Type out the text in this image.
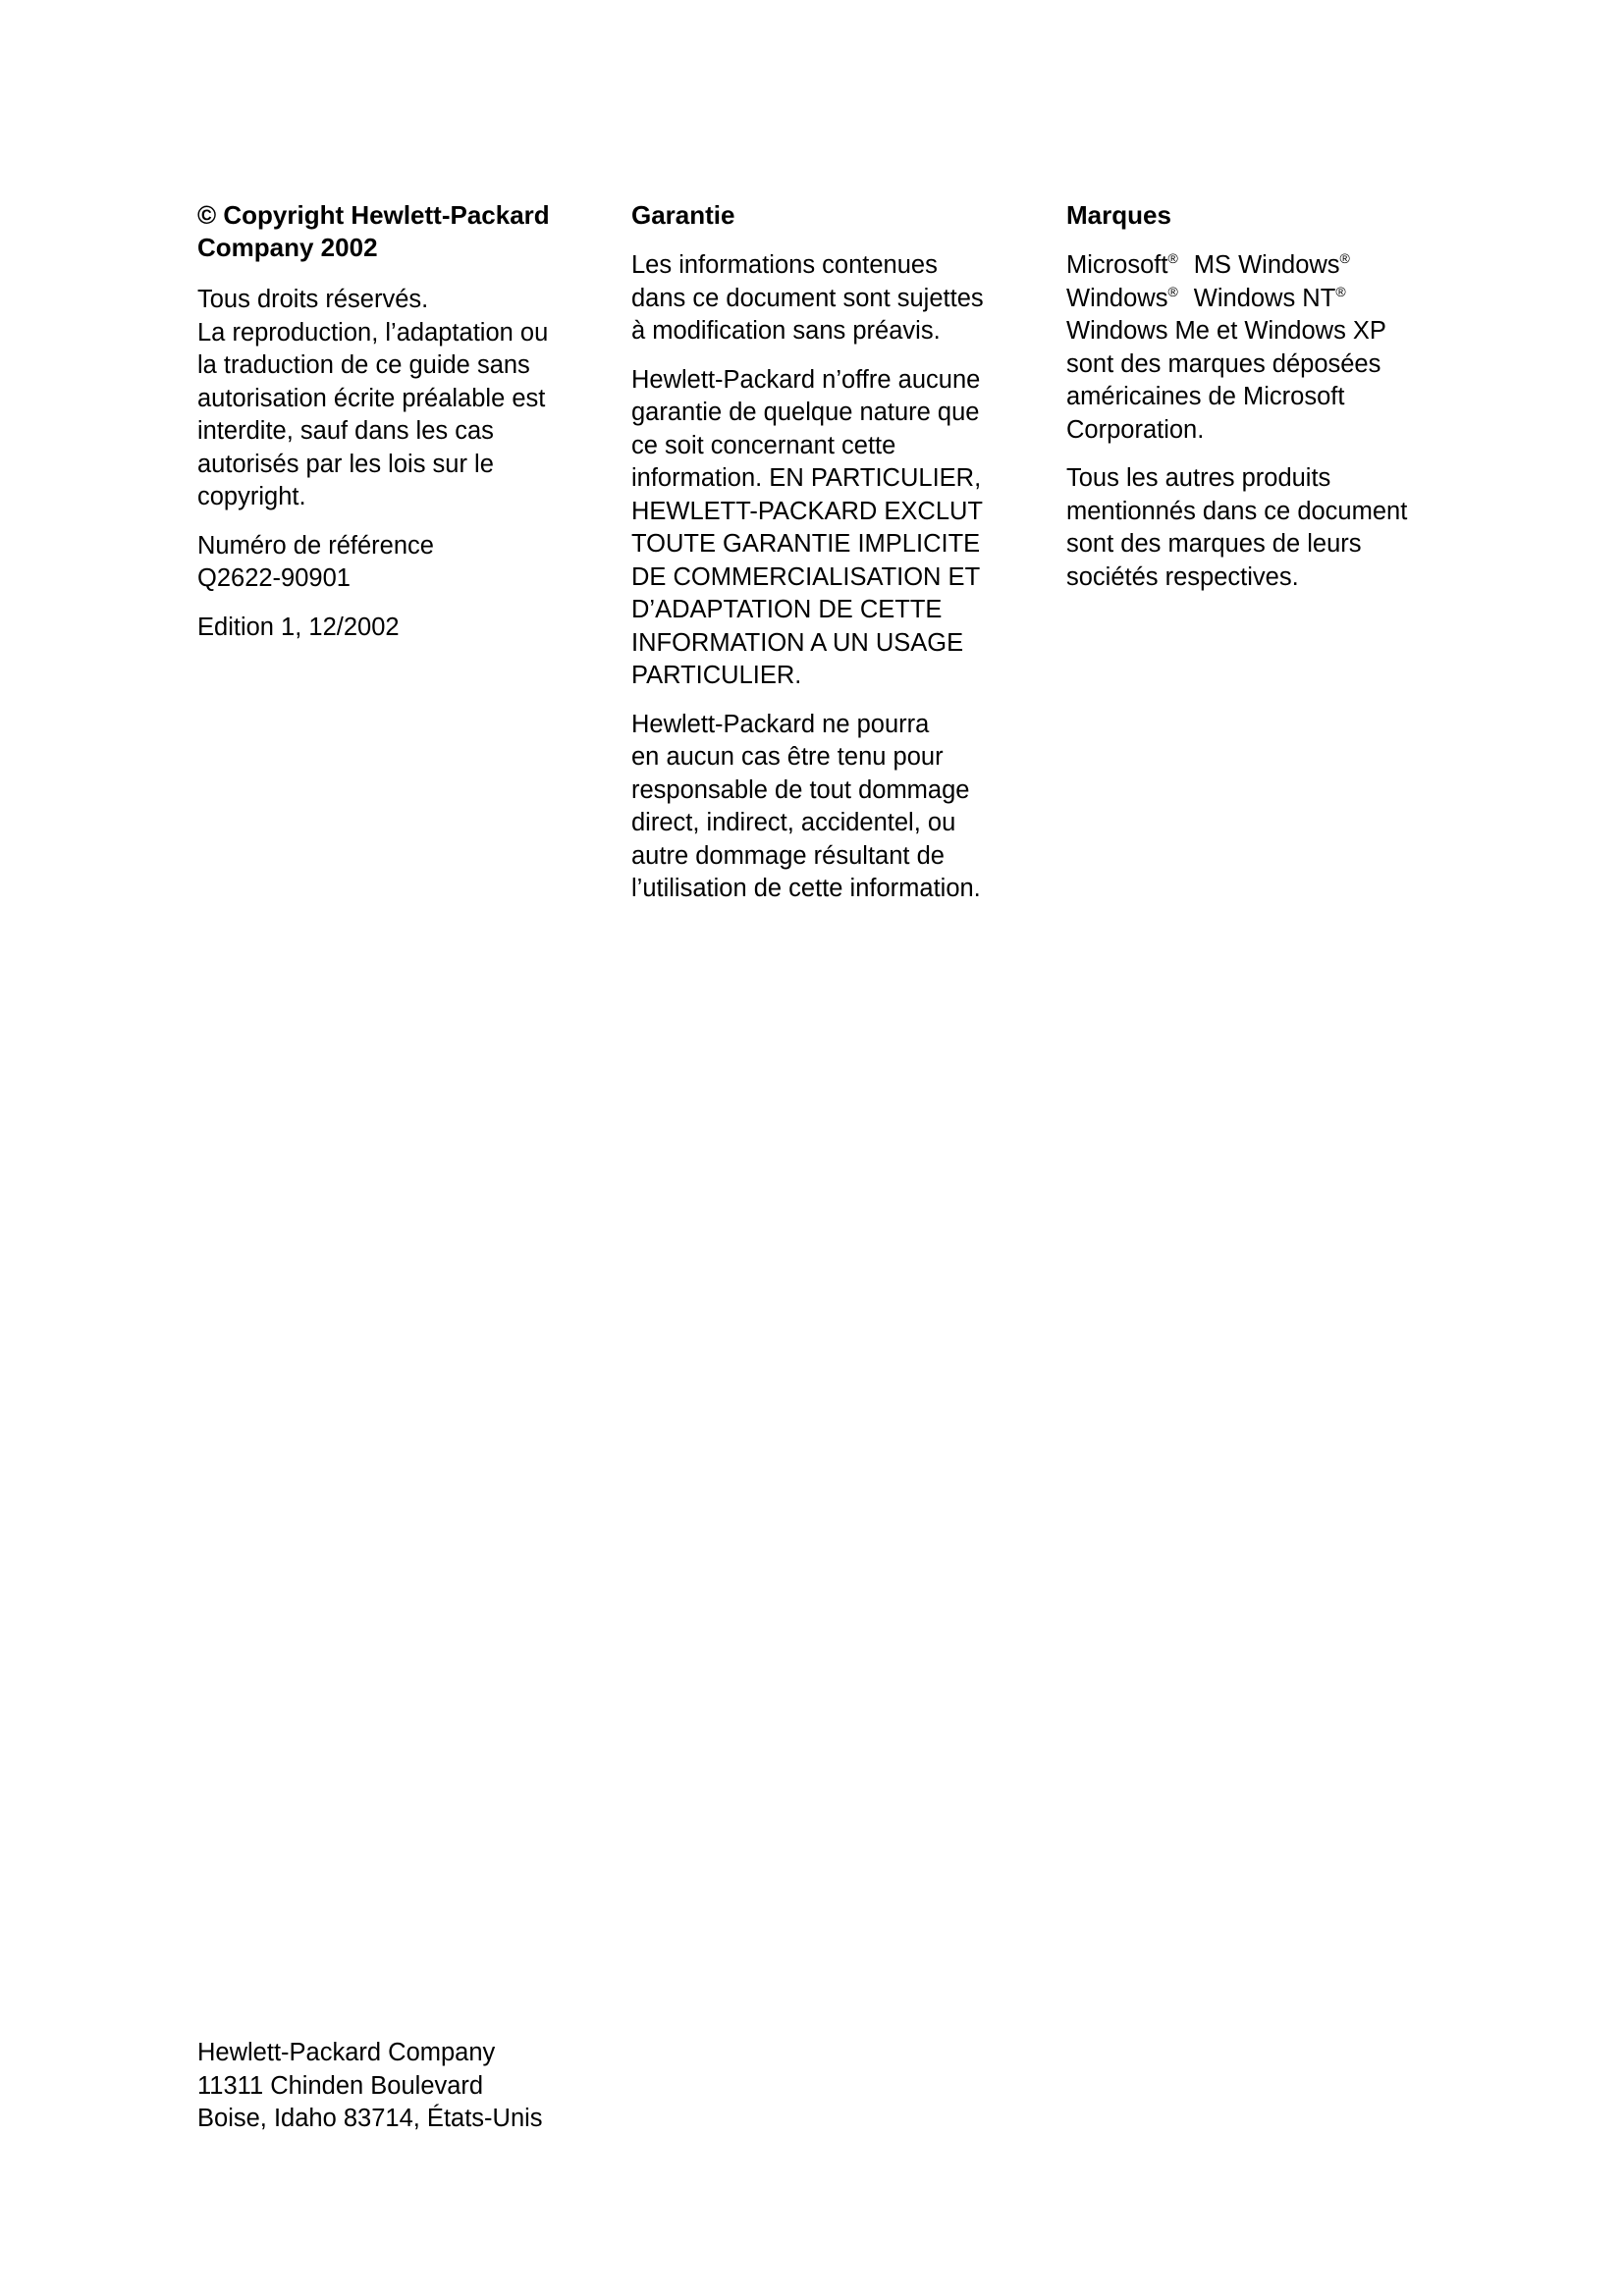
© Copyright Hewlett-Packard
Company 2002

Tous droits réservés.
La reproduction, l’adaptation ou
la traduction de ce guide sans
autorisation écrite préalable est
interdite, sauf dans les cas
autorisés par les lois sur le
copyright.

Numéro de référence
Q2622-90901

Edition 1, 12/2002

Garantie

Les informations contenues
dans ce document sont sujettes
à modification sans préavis.

Hewlett-Packard n’offre aucune
garantie de quelque nature que
ce soit concernant cette
information. EN PARTICULIER,
HEWLETT-PACKARD EXCLUT
TOUTE GARANTIE IMPLICITE
DE COMMERCIALISATION ET
D’ADAPTATION DE CETTE
INFORMATION A UN USAGE
PARTICULIER.

Hewlett-Packard ne pourra
en aucun cas être tenu pour
responsable de tout dommage
direct, indirect, accidentel, ou
autre dommage résultant de
l’utilisation de cette information.

Marques

Microsoft® MS Windows®
Windows® Windows NT®
Windows Me et Windows XP
sont des marques déposées
américaines de Microsoft
Corporation.

Tous les autres produits
mentionnés dans ce document
sont des marques de leurs
sociétés respectives.

Hewlett-Packard Company
11311 Chinden Boulevard
Boise, Idaho 83714, États-Unis
